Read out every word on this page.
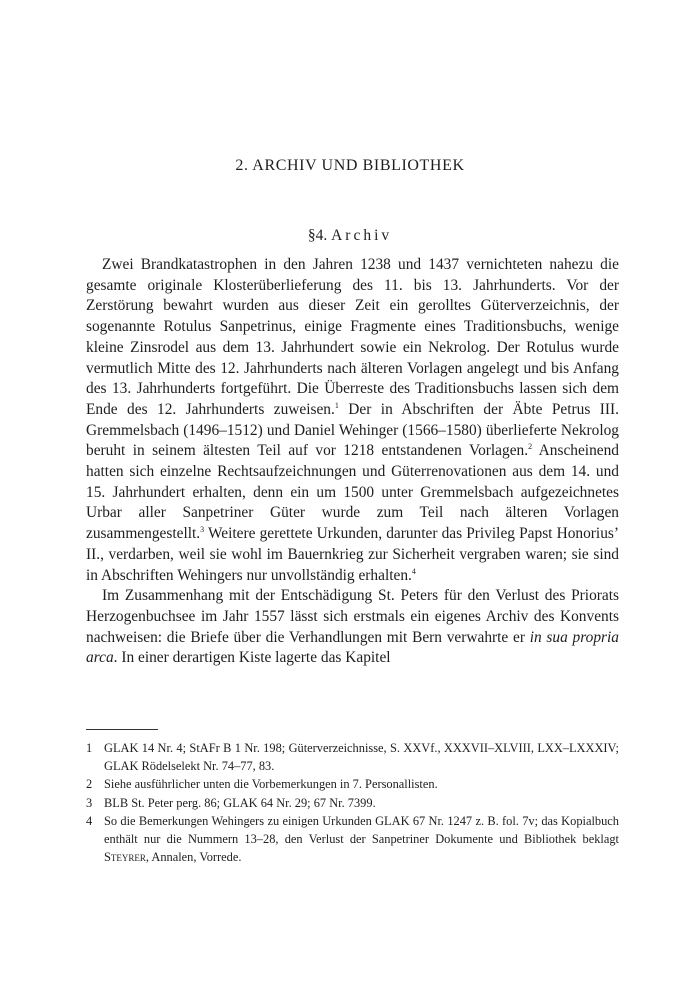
2. ARCHIV UND BIBLIOTHEK
§4. Archiv

Zwei Brandkatastrophen in den Jahren 1238 und 1437 vernichteten nahezu die gesamte originale Klosterüberlieferung des 11. bis 13. Jahrhunderts. Vor der Zerstörung bewahrt wurden aus dieser Zeit ein gerolltes Güterverzeichnis, der sogenannte Rotulus Sanpetrinus, einige Fragmente eines Traditionsbuchs, wenige kleine Zinsrodel aus dem 13. Jahrhundert sowie ein Nekrolog. Der Rotulus wurde vermutlich Mitte des 12. Jahrhunderts nach älteren Vorlagen angelegt und bis Anfang des 13. Jahrhunderts fortgeführt. Die Überreste des Traditionsbuchs lassen sich dem Ende des 12. Jahrhunderts zuweisen.$^1$ Der in Abschriften der Äbte Petrus III. Gremmelsbach (1496–1512) und Daniel Wehinger (1566–1580) überlieferte Nekrolog beruht in seinem ältesten Teil auf vor 1218 entstandenen Vorlagen.$^2$ Anscheinend hatten sich einzelne Rechtsaufzeichnungen und Güterrenovationen aus dem 14. und 15. Jahrhundert erhalten, denn ein um 1500 unter Gremmelsbach aufgezeichnetes Urbar aller Sanpetriner Güter wurde zum Teil nach älteren Vorlagen zusammengestellt.$^3$ Weitere gerettete Urkunden, darunter das Privileg Papst Honorius’ II., verdarben, weil sie wohl im Bauernkrieg zur Sicherheit vergraben waren; sie sind in Abschriften Wehingers nur unvollständig erhalten.$^4$

Im Zusammenhang mit der Entschädigung St. Peters für den Verlust des Priorats Herzogenbuchsee im Jahr 1557 lässt sich erstmals ein eigenes Archiv des Konvents nachweisen: die Briefe über die Verhandlungen mit Bern verwahrte er in sua propria arca. In einer derartigen Kiste lagerte das Kapitel

1 GLAK 14 Nr. 4; StAFr B 1 Nr. 198; Güterverzeichnisse, S. XXVf., XXXVII–XLVIII, LXX–LXXXIV; GLAK Rödelselekt Nr. 74–77, 83.
2 Siehe ausführlicher unten die Vorbemerkungen in 7. Personallisten.
3 BLB St. Peter perg. 86; GLAK 64 Nr. 29; 67 Nr. 7399.
4 So die Bemerkungen Wehingers zu einigen Urkunden GLAK 67 Nr. 1247 z. B. fol. 7v; das Kopialbuch enthält nur die Nummern 13–28, den Verlust der Sanpetriner Dokumente und Bibliothek beklagt Steyrer, Annalen, Vorrede.
